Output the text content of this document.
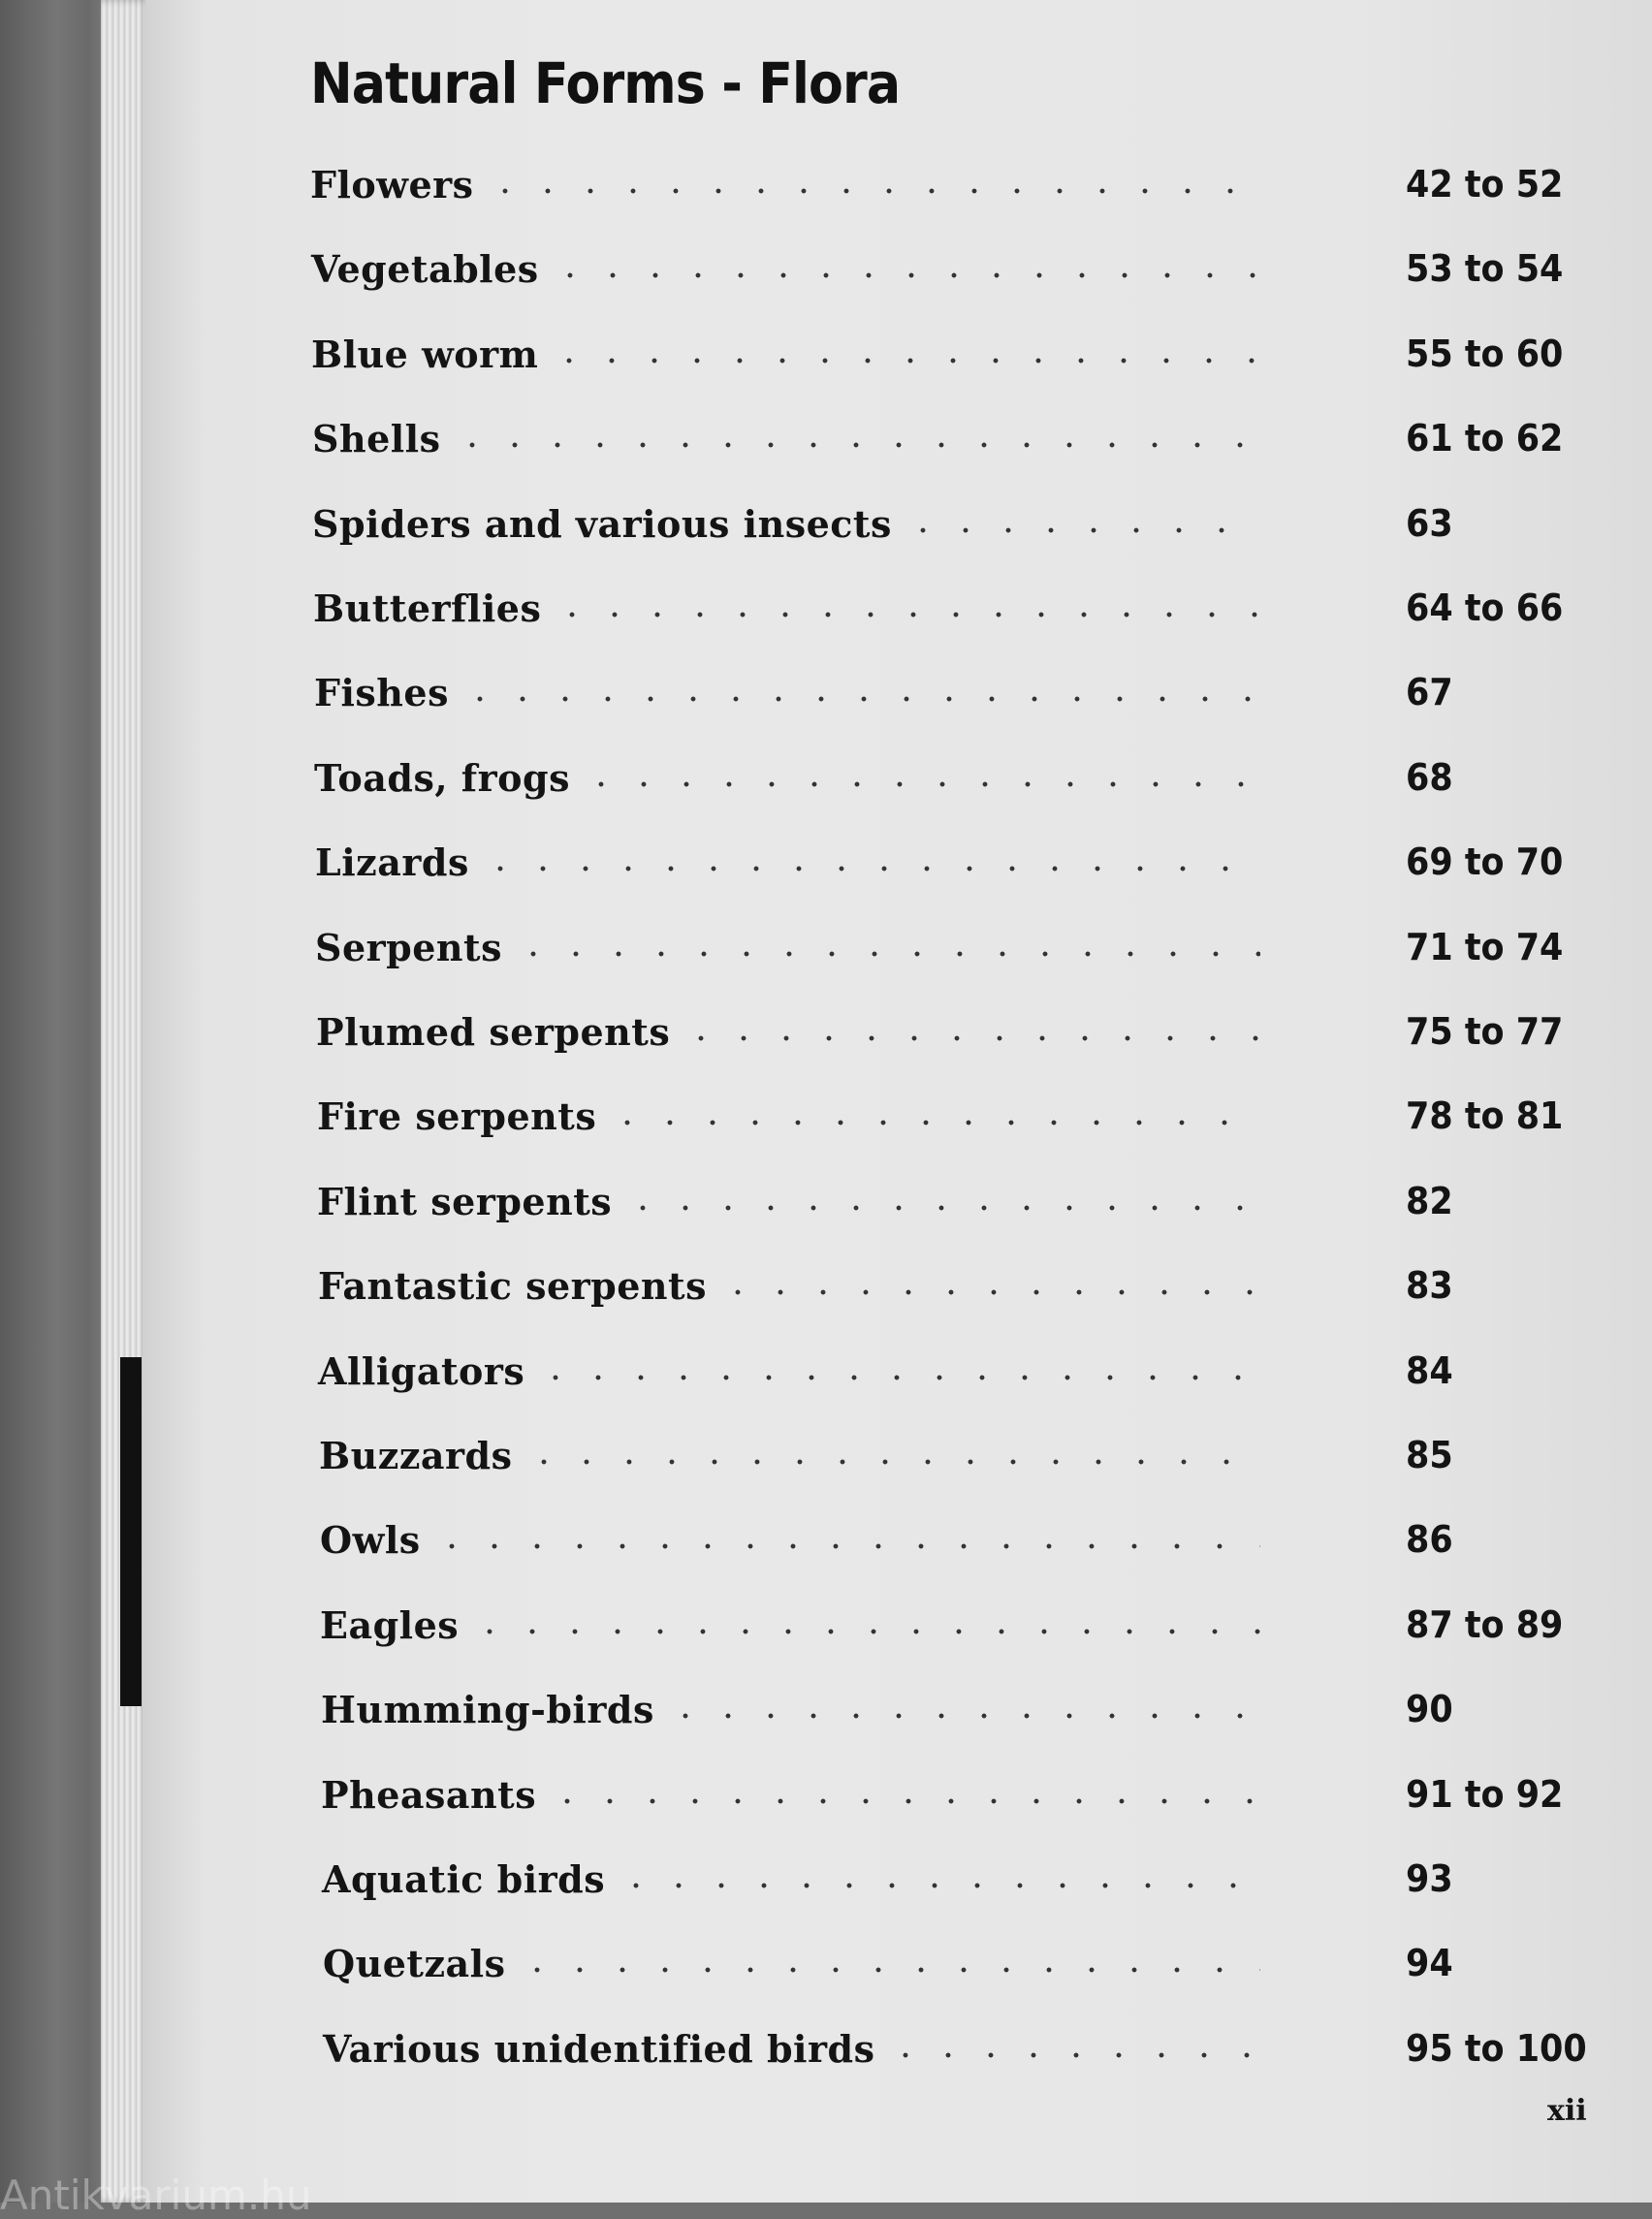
Natural Forms - Flora
Flowers	42 to 52
Vegetables	53 to 54
Blue worm	55 to 60
Shells	61 to 62
Spiders and various insects	63
Butterflies	64 to 66
Fishes	67
Toads, frogs	68
Lizards	69 to 70
Serpents	71 to 74
Plumed serpents	75 to 77
Fire serpents	78 to 81
Flint serpents	82
Fantastic serpents	83
Alligators	84
Buzzards	85
Owls	86
Eagles	87 to 89
Humming-birds	90
Pheasants	91 to 92
Aquatic birds	93
Quetzals	94
Various unidentified birds	95 to 100
xii
Antikvarium.hu
